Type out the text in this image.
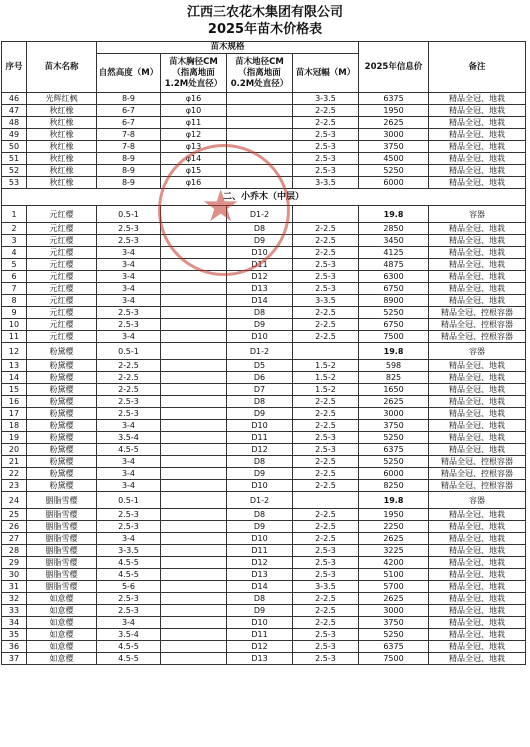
江西三农花木集团有限公司
2025年苗木价格表
序号	苗木名称	苗木规格				2025年信息价	备注
		自然高度（M）	苗木胸径CM（指离地面1.2M处直径）	苗木地径CM（指离地面0.2M处直径）	苗木冠幅（M）		
46	光辉红枫	8-9	φ16		3-3.5	6375	精品全冠、地栽
47	秋红橡	6-7	φ10		2-2.5	1950	精品全冠、地栽
48	秋红橡	6-7	φ11		2-2.5	2625	精品全冠、地栽
49	秋红橡	7-8	φ12		2.5-3	3000	精品全冠、地栽
50	秋红橡	7-8	φ13		2.5-3	3750	精品全冠、地栽
51	秋红橡	8-9	φ14		2.5-3	4500	精品全冠、地栽
52	秋红橡	8-9	φ15		2.5-3	5250	精品全冠、地栽
53	秋红橡	8-9	φ16		3-3.5	6000	精品全冠、地栽
二、小乔木（中层）							
1	元红樱	0.5-1		D1-2		19.8	容器
2	元红樱	2.5-3		D8	2-2.5	2850	精品全冠、地栽
3	元红樱	2.5-3		D9	2-2.5	3450	精品全冠、地栽
4	元红樱	3-4		D10	2-2.5	4125	精品全冠、地栽
5	元红樱	3-4		D11	2.5-3	4875	精品全冠、地栽
6	元红樱	3-4		D12	2.5-3	6300	精品全冠、地栽
7	元红樱	3-4		D13	2.5-3	6750	精品全冠、地栽
8	元红樱	3-4		D14	3-3.5	8900	精品全冠、地栽
9	元红樱	2.5-3		D8	2-2.5	5250	精品全冠、控根容器
10	元红樱	2.5-3		D9	2-2.5	6750	精品全冠、控根容器
11	元红樱	3-4		D10	2-2.5	7500	精品全冠、控根容器
12	粉黛樱	0.5-1		D1-2		19.8	容器
13	粉黛樱	2-2.5		D5	1.5-2	598	精品全冠、地栽
14	粉黛樱	2-2.5		D6	1.5-2	825	精品全冠、地栽
15	粉黛樱	2-2.5		D7	1.5-2	1650	精品全冠、地栽
16	粉黛樱	2.5-3		D8	2-2.5	2625	精品全冠、地栽
17	粉黛樱	2.5-3		D9	2-2.5	3000	精品全冠、地栽
18	粉黛樱	3-4		D10	2-2.5	3750	精品全冠、地栽
19	粉黛樱	3.5-4		D11	2.5-3	5250	精品全冠、地栽
20	粉黛樱	4.5-5		D12	2.5-3	6375	精品全冠、地栽
21	粉黛樱	3-4		D8	2-2.5	5250	精品全冠、控根容器
22	粉黛樱	3-4		D9	2-2.5	6000	精品全冠、控根容器
23	粉黛樱	3-4		D10	2-2.5	8250	精品全冠、控根容器
24	胭脂雪樱	0.5-1		D1-2		19.8	容器
25	胭脂雪樱	2.5-3		D8	2-2.5	1950	精品全冠、地栽
26	胭脂雪樱	2.5-3		D9	2-2.5	2250	精品全冠、地栽
27	胭脂雪樱	3-4		D10	2-2.5	2625	精品全冠、地栽
28	胭脂雪樱	3-3.5		D11	2.5-3	3225	精品全冠、地栽
29	胭脂雪樱	4.5-5		D12	2.5-3	4200	精品全冠、地栽
30	胭脂雪樱	4.5-5		D13	2.5-3	5100	精品全冠、地栽
31	胭脂雪樱	5-6		D14	3-3.5	5700	精品全冠、地栽
32	如意樱	2.5-3		D8	2-2.5	2625	精品全冠、地栽
33	如意樱	2.5-3		D9	2-2.5	3000	精品全冠、地栽
34	如意樱	3-4		D10	2-2.5	3750	精品全冠、地栽
35	如意樱	3.5-4		D11	2.5-3	5250	精品全冠、地栽
36	如意樱	4.5-5		D12	2.5-3	6375	精品全冠、地栽
37	如意樱	4.5-5		D13	2.5-3	7500	精品全冠、地栽
★
